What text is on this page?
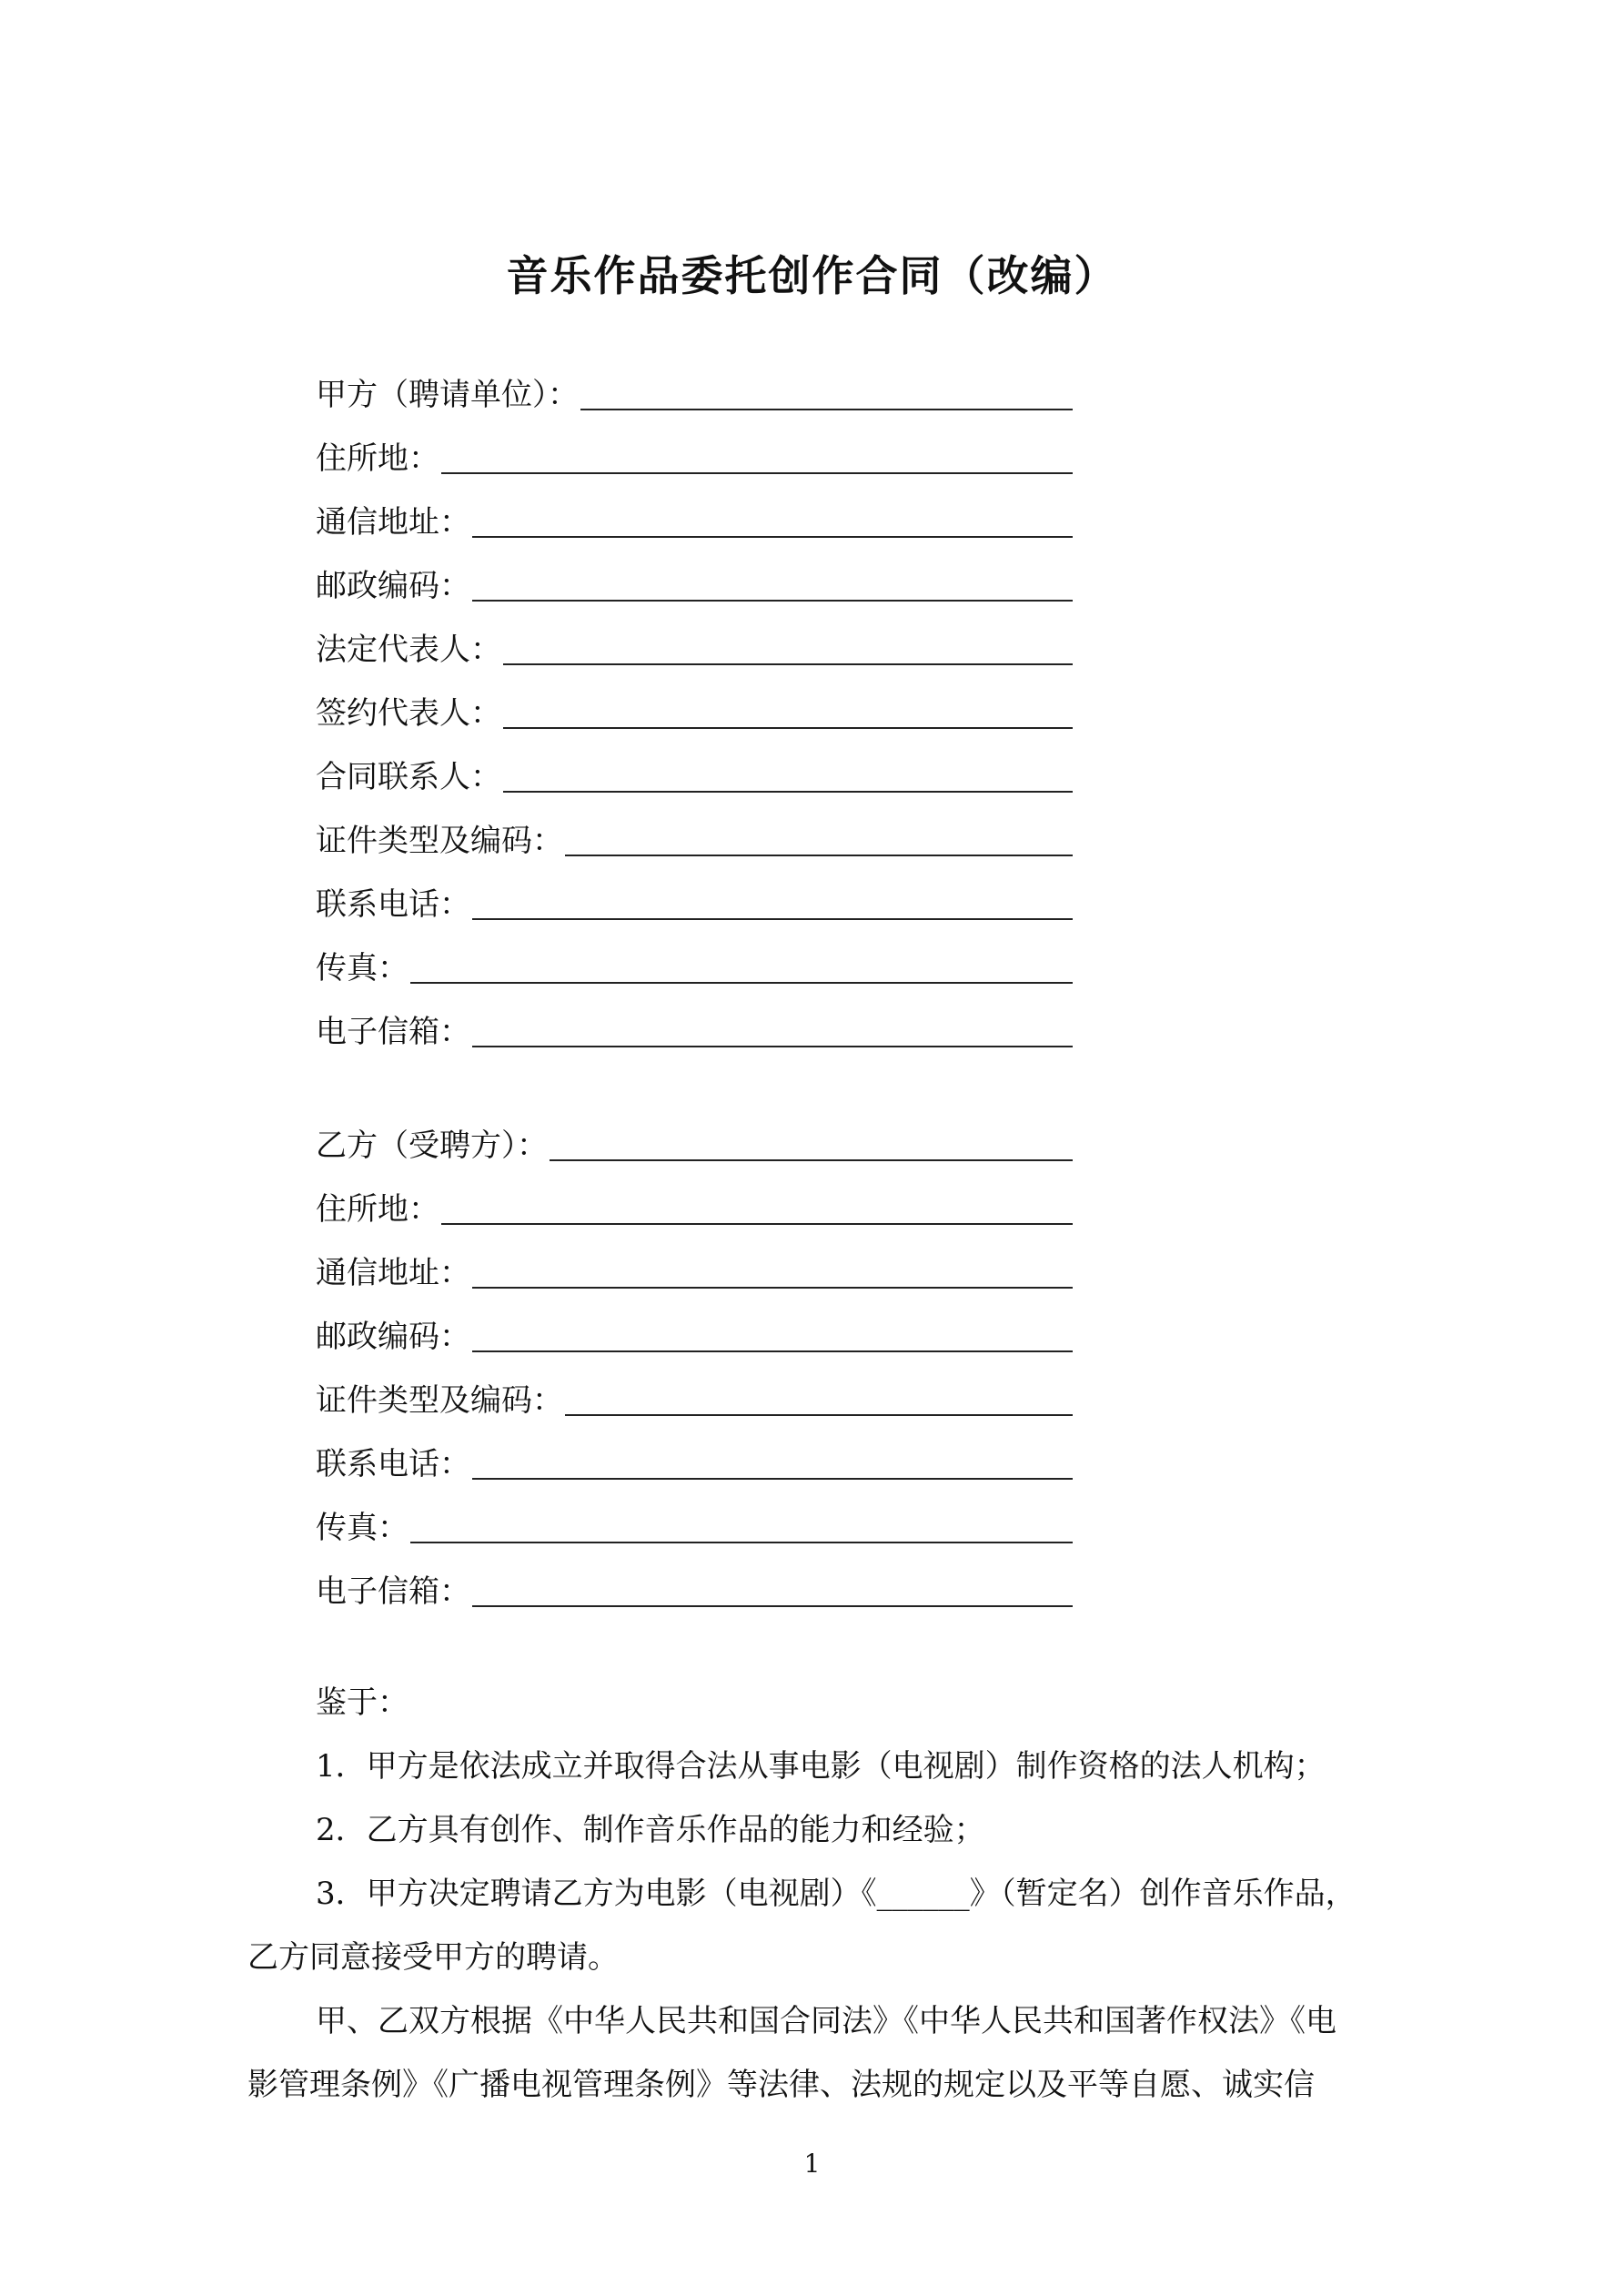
音乐作品委托创作合同（改编）
甲方（聘请单位）：
住所地：
通信地址：
邮政编码：
法定代表人：
签约代表人：
合同联系人：
证件类型及编码：
联系电话：
传真：
电子信箱：
乙方（受聘方）：
住所地：
通信地址：
邮政编码：
证件类型及编码：
联系电话：
传真：
电子信箱：
鉴于：
1．甲方是依法成立并取得合法从事电影（电视剧）制作资格的法人机构；
2．乙方具有创作、制作音乐作品的能力和经验；
3．甲方决定聘请乙方为电影（电视剧）《______》（暂定名）创作音乐作品，
乙方同意接受甲方的聘请。
甲、乙双方根据《中华人民共和国合同法》《中华人民共和国著作权法》《电
影管理条例》《广播电视管理条例》等法律、法规的规定以及平等自愿、诚实信
1
